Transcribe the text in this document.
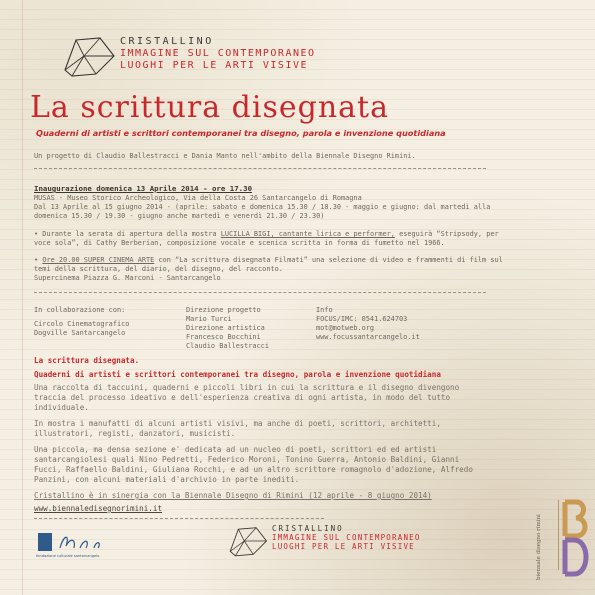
CRISTALLINO
IMMAGINE SUL CONTEMPORANEO
LUOGHI PER LE ARTI VISIVE
La scrittura disegnata
Quaderni di artisti e scrittori contemporanei tra disegno, parola e invenzione quotidiana
Un progetto di Claudio Ballestracci e Dania Manto nell'ambito della Biennale Disegno Rimini.
Inaugurazione domenica 13 Aprile 2014 - ore 17.30
MUSAS - Museo Storico Archeologico, Via della Costa 26 Santarcangelo di Romagna
Dal 13 Aprile al 15 giugno 2014 - (aprile: sabato e domenica 15.30 / 18.30 - maggio e giugno: dal martedì alla
domenica 15.30 / 19.30 - giugno anche martedì e venerdì 21.30 / 23.30)
• Durante la serata di apertura della mostra LUCILLA BIGI, cantante lirica e performer, eseguirà “Stripsody, per
voce sola”, di Cathy Berberian, composizione vocale e scenica scritta in forma di fumetto nel 1966.
• Ore 20.00 SUPER CINEMA ARTE con “La scrittura disegnata Filmati” una selezione di video e frammenti di film sul
temi della scrittura, del diario, del disegno, del racconto.
Supercinema Piazza G. Marconi - Santarcangelo
In collaborazione con:
Circolo Cinematografico
Dogville Santarcangelo
Direzione progetto
Mario Turci
Direzione artistica
Francesco Bocchini
Claudio Ballestracci
Info
FOCUS/IMC: 0541.624703
mot@motweb.org
www.focussantarcangelo.it
La scrittura disegnata.
Quaderni di artisti e scrittori contemporanei tra disegno, parola e invenzione quotidiana
Una raccolta di taccuini, quaderni e piccoli libri in cui la scrittura e il disegno divengono
traccia del processo ideativo e dell'esperienza creativa di ogni artista, in modo del tutto
individuale.
In mostra i manufatti di alcuni artisti visivi, ma anche di poeti, scrittori, architetti,
illustratori, registi, danzatori, musicisti.
Una piccola, ma densa sezione e' dedicata ad un nucleo di poeti, scrittori ed ed artisti
santarcangiolesi quali Nino Pedretti, Federico Moroni, Tonino Guerra, Antonio Baldini, Gianni
Fucci, Raffaello Baldini, Giuliana Rocchi, e ad un altro scrittore romagnolo d'adozione, Alfredo
Panzini, con alcuni materiali d'archivio in parte inediti.
Cristallino è in sinergia con la Biennale Disegno di Rimini (12 aprile - 8 giugno 2014)
www.biennaledisegnorimini.it
fondazione culturale santarcangelo
CRISTALLINO
IMMAGINE SUL CONTEMPORANEO
LUOGHI PER LE ARTI VISIVE	biennale disegno rimini
